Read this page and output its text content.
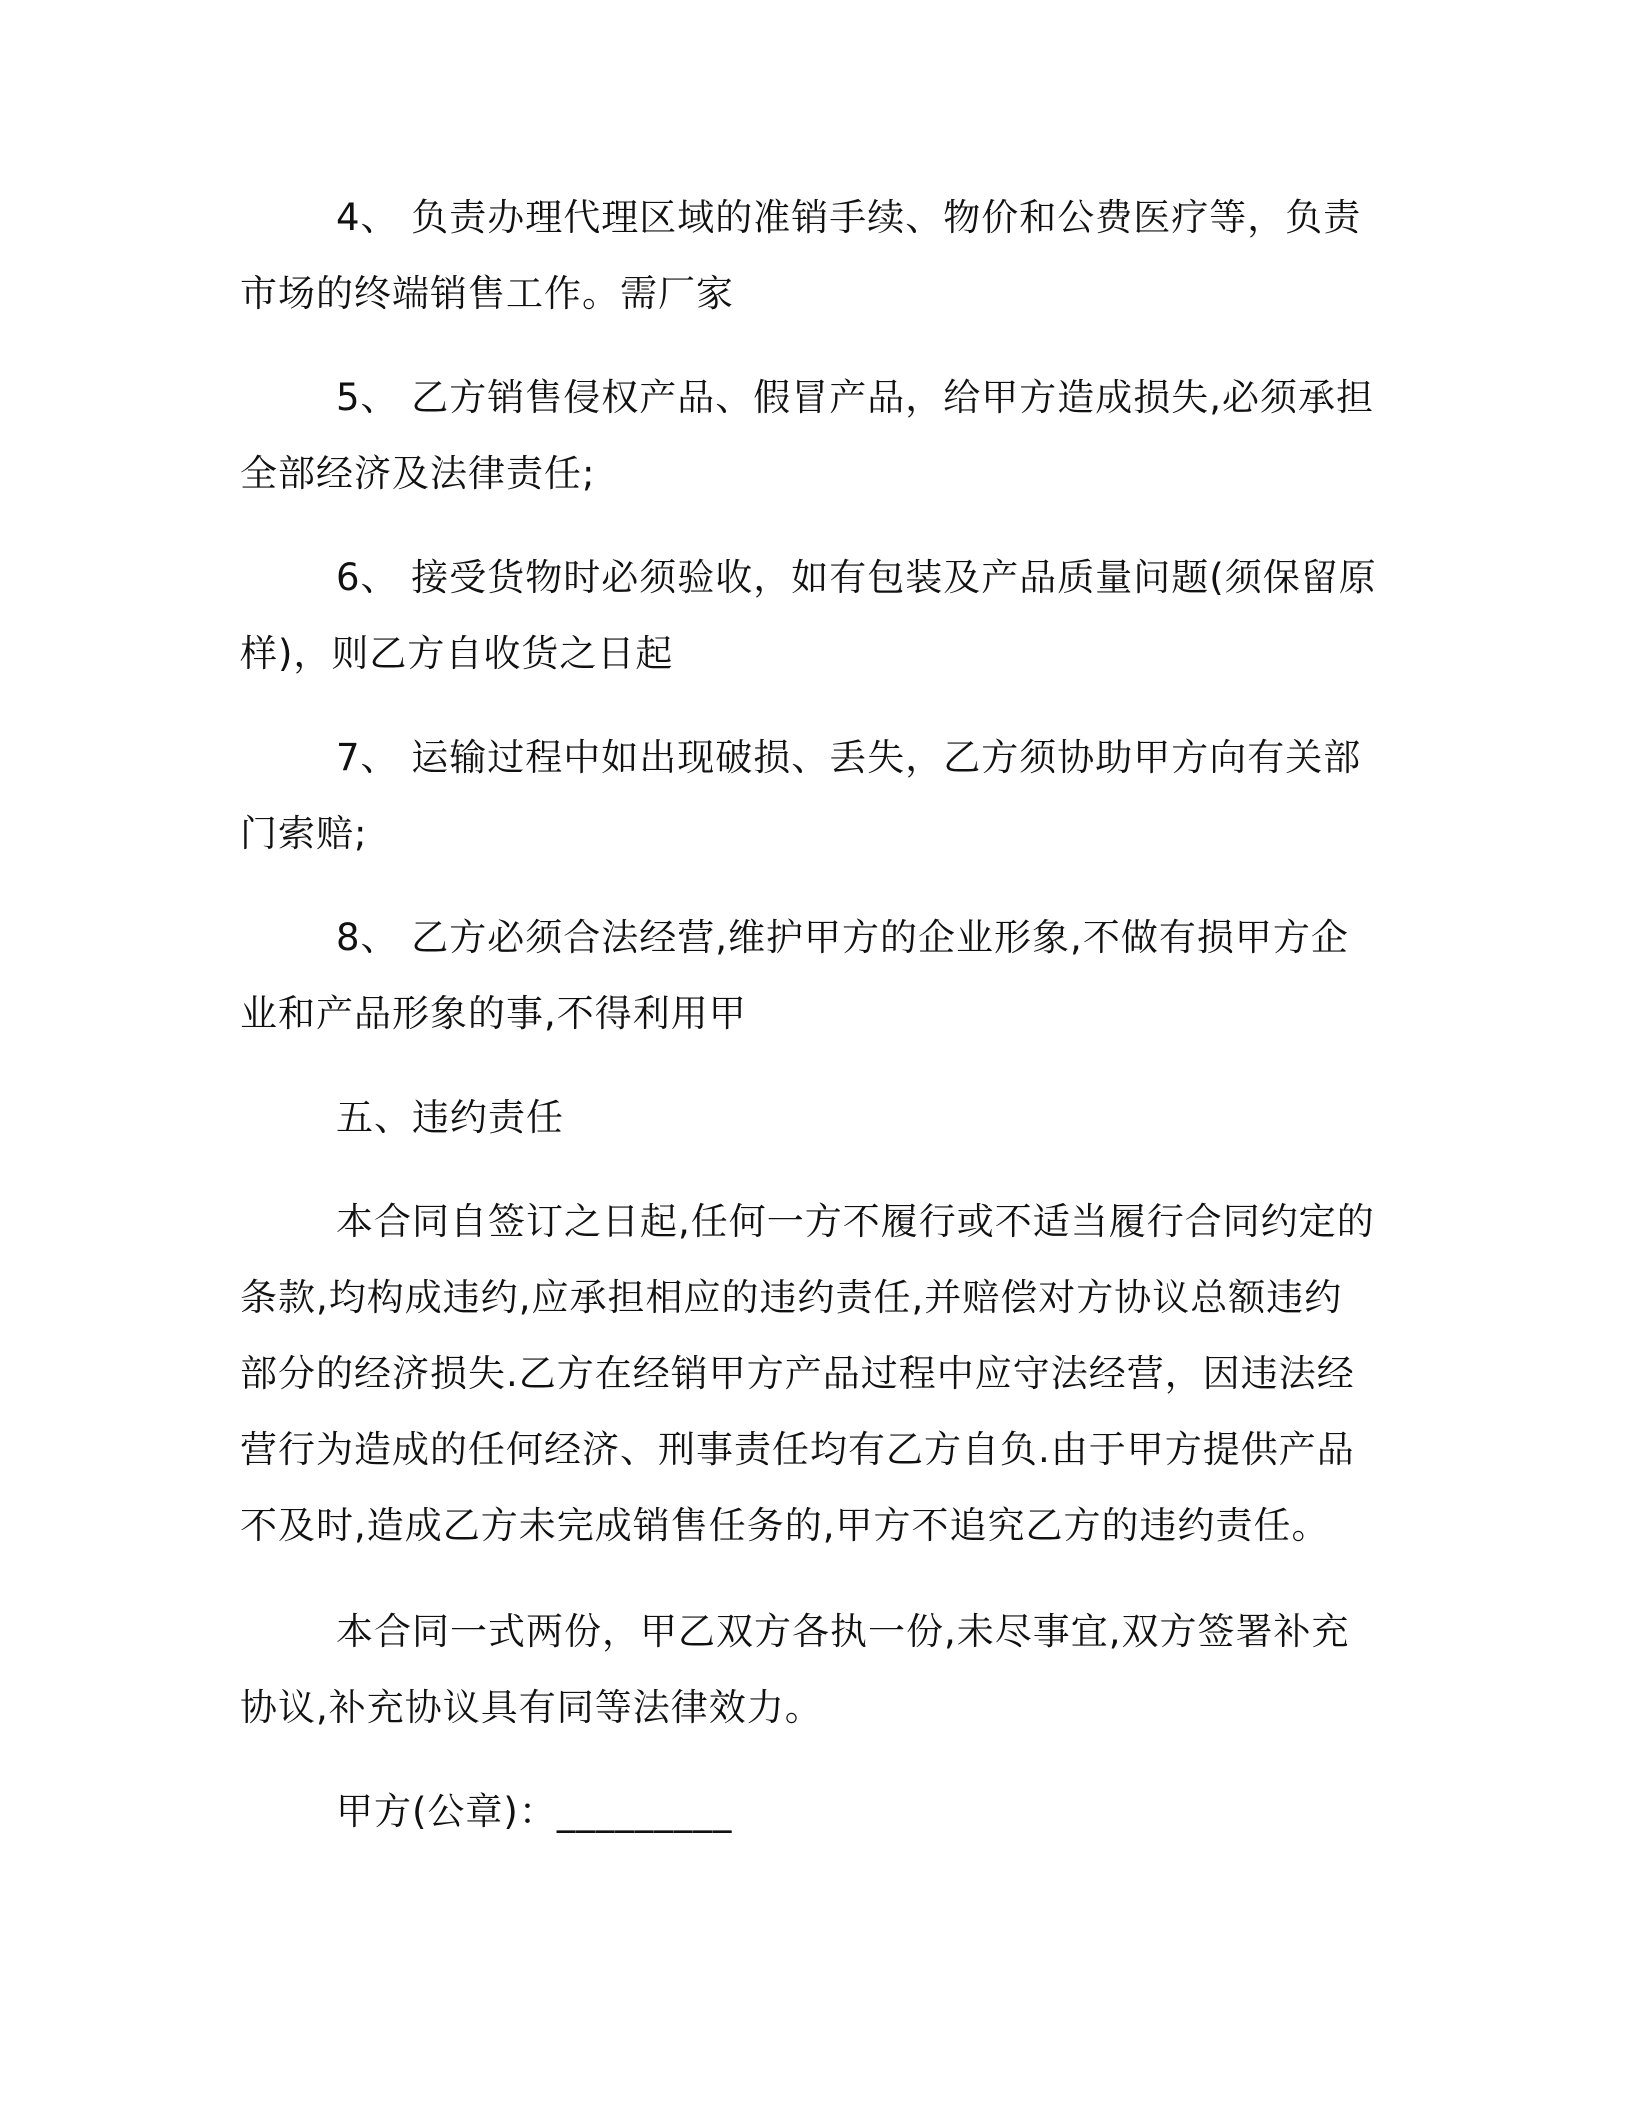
4、 负责办理代理区域的准销手续、物价和公费医疗等，负责市场的终端销售工作。需厂家

5、 乙方销售侵权产品、假冒产品，给甲方造成损失,必须承担全部经济及法律责任;

6、 接受货物时必须验收，如有包装及产品质量问题(须保留原样)，则乙方自收货之日起

7、 运输过程中如出现破损、丢失，乙方须协助甲方向有关部门索赔;

8、 乙方必须合法经营,维护甲方的企业形象,不做有损甲方企业和产品形象的事,不得利用甲

五、违约责任

本合同自签订之日起,任何一方不履行或不适当履行合同约定的条款,均构成违约,应承担相应的违约责任,并赔偿对方协议总额违约部分的经济损失.乙方在经销甲方产品过程中应守法经营，因违法经营行为造成的任何经济、刑事责任均有乙方自负.由于甲方提供产品不及时,造成乙方未完成销售任务的,甲方不追究乙方的违约责任。

本合同一式两份，甲乙双方各执一份,未尽事宜,双方签署补充协议,补充协议具有同等法律效力。

甲方(公章)：_________
